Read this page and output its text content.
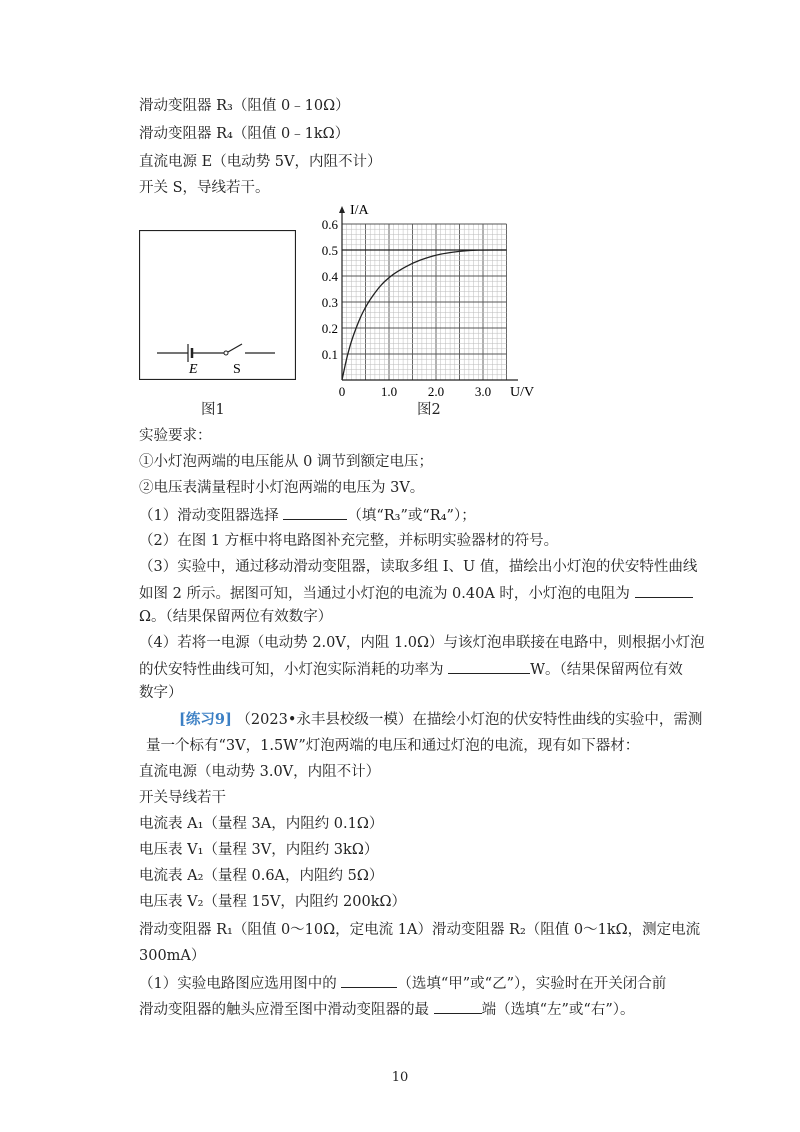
滑动变阻器 R₃（阻值 0﹣10Ω）
滑动变阻器 R₄（阻值 0﹣1kΩ）
直流电源 E（电动势 5V，内阻不计）
开关 S，导线若干。
E	S
图1
0.1
0.2
0.3
0.4
0.5
0.6
0	1.0 2.0 3.0
I/A
U/V
图2
实验要求：
①小灯泡两端的电压能从 0 调节到额定电压；
②电压表满量程时小灯泡两端的电压为 3V。
（1）滑动变阻器选择	（填“R₃”或“R₄”）；
（2）在图 1 方框中将电路图补充完整，并标明实验器材的符号。
（3）实验中，通过移动滑动变阻器，读取多组 I、U 值，描绘出小灯泡的伏安特性曲线
如图 2 所示。据图可知，当通过小灯泡的电流为 0.40A 时，小灯泡的电阻为
Ω。（结果保留两位有效数字）
（4）若将一电源（电动势 2.0V，内阻 1.0Ω）与该灯泡串联接在电路中，则根据小灯泡
的伏安特性曲线可知，小灯泡实际消耗的功率为	W。（结果保留两位有效
数字）
[练习9] （2023•永丰县校级一模）在描绘小灯泡的伏安特性曲线的实验中，需测
量一个标有“3V，1.5W”灯泡两端的电压和通过灯泡的电流，现有如下器材：
直流电源（电动势 3.0V，内阻不计）
开关导线若干
电流表 A₁（量程 3A，内阻约 0.1Ω）
电压表 V₁（量程 3V，内阻约 3kΩ）
电流表 A₂（量程 0.6A，内阻约 5Ω）
电压表 V₂（量程 15V，内阻约 200kΩ）
滑动变阻器 R₁（阻值 0～10Ω，定电流 1A）滑动变阻器 R₂（阻值 0～1kΩ，测定电流
300mA）
（1）实验电路图应选用图中的	（选填“甲”或“乙”），实验时在开关闭合前
滑动变阻器的触头应滑至图中滑动变阻器的最	端（选填“左”或“右”）。
10
